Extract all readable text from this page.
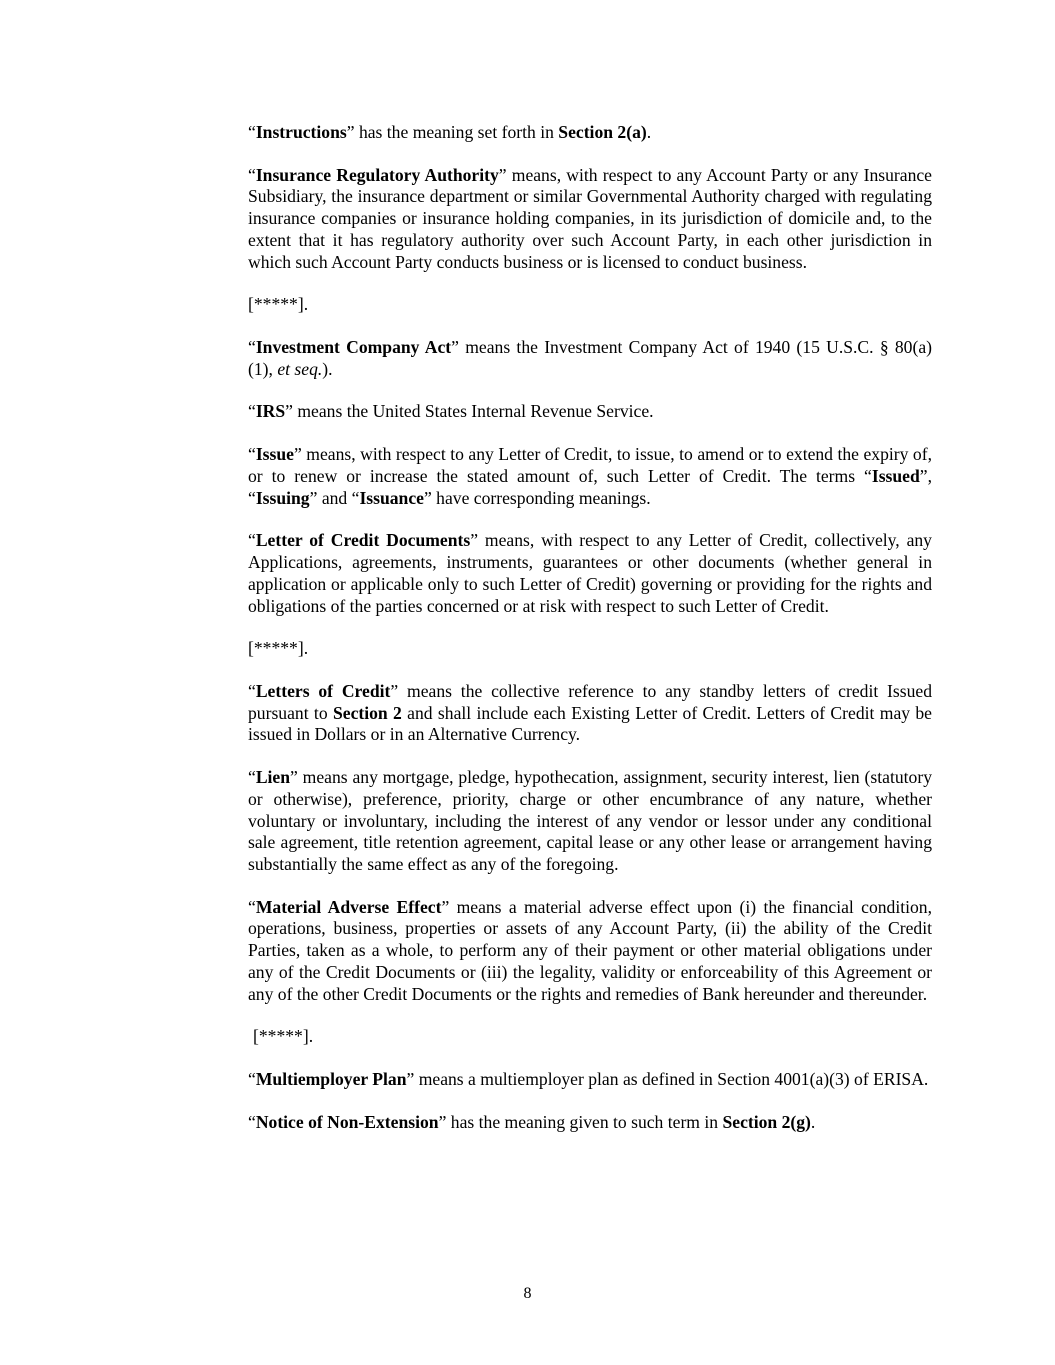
“Instructions” has the meaning set forth in Section 2(a).

“Insurance Regulatory Authority” means, with respect to any Account Party or any Insurance Subsidiary, the insurance department or similar Governmental Authority charged with regulating insurance companies or insurance holding companies, in its jurisdiction of domicile and, to the extent that it has regulatory authority over such Account Party, in each other jurisdiction in which such Account Party conducts business or is licensed to conduct business.

[*****].

“Investment Company Act” means the Investment Company Act of 1940 (15 U.S.C. § 80(a)(1), et seq.).

“IRS” means the United States Internal Revenue Service.

“Issue” means, with respect to any Letter of Credit, to issue, to amend or to extend the expiry of, or to renew or increase the stated amount of, such Letter of Credit. The terms “Issued”, “Issuing” and “Issuance” have corresponding meanings.

“Letter of Credit Documents” means, with respect to any Letter of Credit, collectively, any Applications, agreements, instruments, guarantees or other documents (whether general in application or applicable only to such Letter of Credit) governing or providing for the rights and obligations of the parties concerned or at risk with respect to such Letter of Credit.

[*****].

“Letters of Credit” means the collective reference to any standby letters of credit Issued pursuant to Section 2 and shall include each Existing Letter of Credit. Letters of Credit may be issued in Dollars or in an Alternative Currency.

“Lien” means any mortgage, pledge, hypothecation, assignment, security interest, lien (statutory or otherwise), preference, priority, charge or other encumbrance of any nature, whether voluntary or involuntary, including the interest of any vendor or lessor under any conditional sale agreement, title retention agreement, capital lease or any other lease or arrangement having substantially the same effect as any of the foregoing.

“Material Adverse Effect” means a material adverse effect upon (i) the financial condition, operations, business, properties or assets of any Account Party, (ii) the ability of the Credit Parties, taken as a whole, to perform any of their payment or other material obligations under any of the Credit Documents or (iii) the legality, validity or enforceability of this Agreement or any of the other Credit Documents or the rights and remedies of Bank hereunder and thereunder.

[*****].

“Multiemployer Plan” means a multiemployer plan as defined in Section 4001(a)(3) of ERISA.

“Notice of Non-Extension” has the meaning given to such term in Section 2(g).

8
